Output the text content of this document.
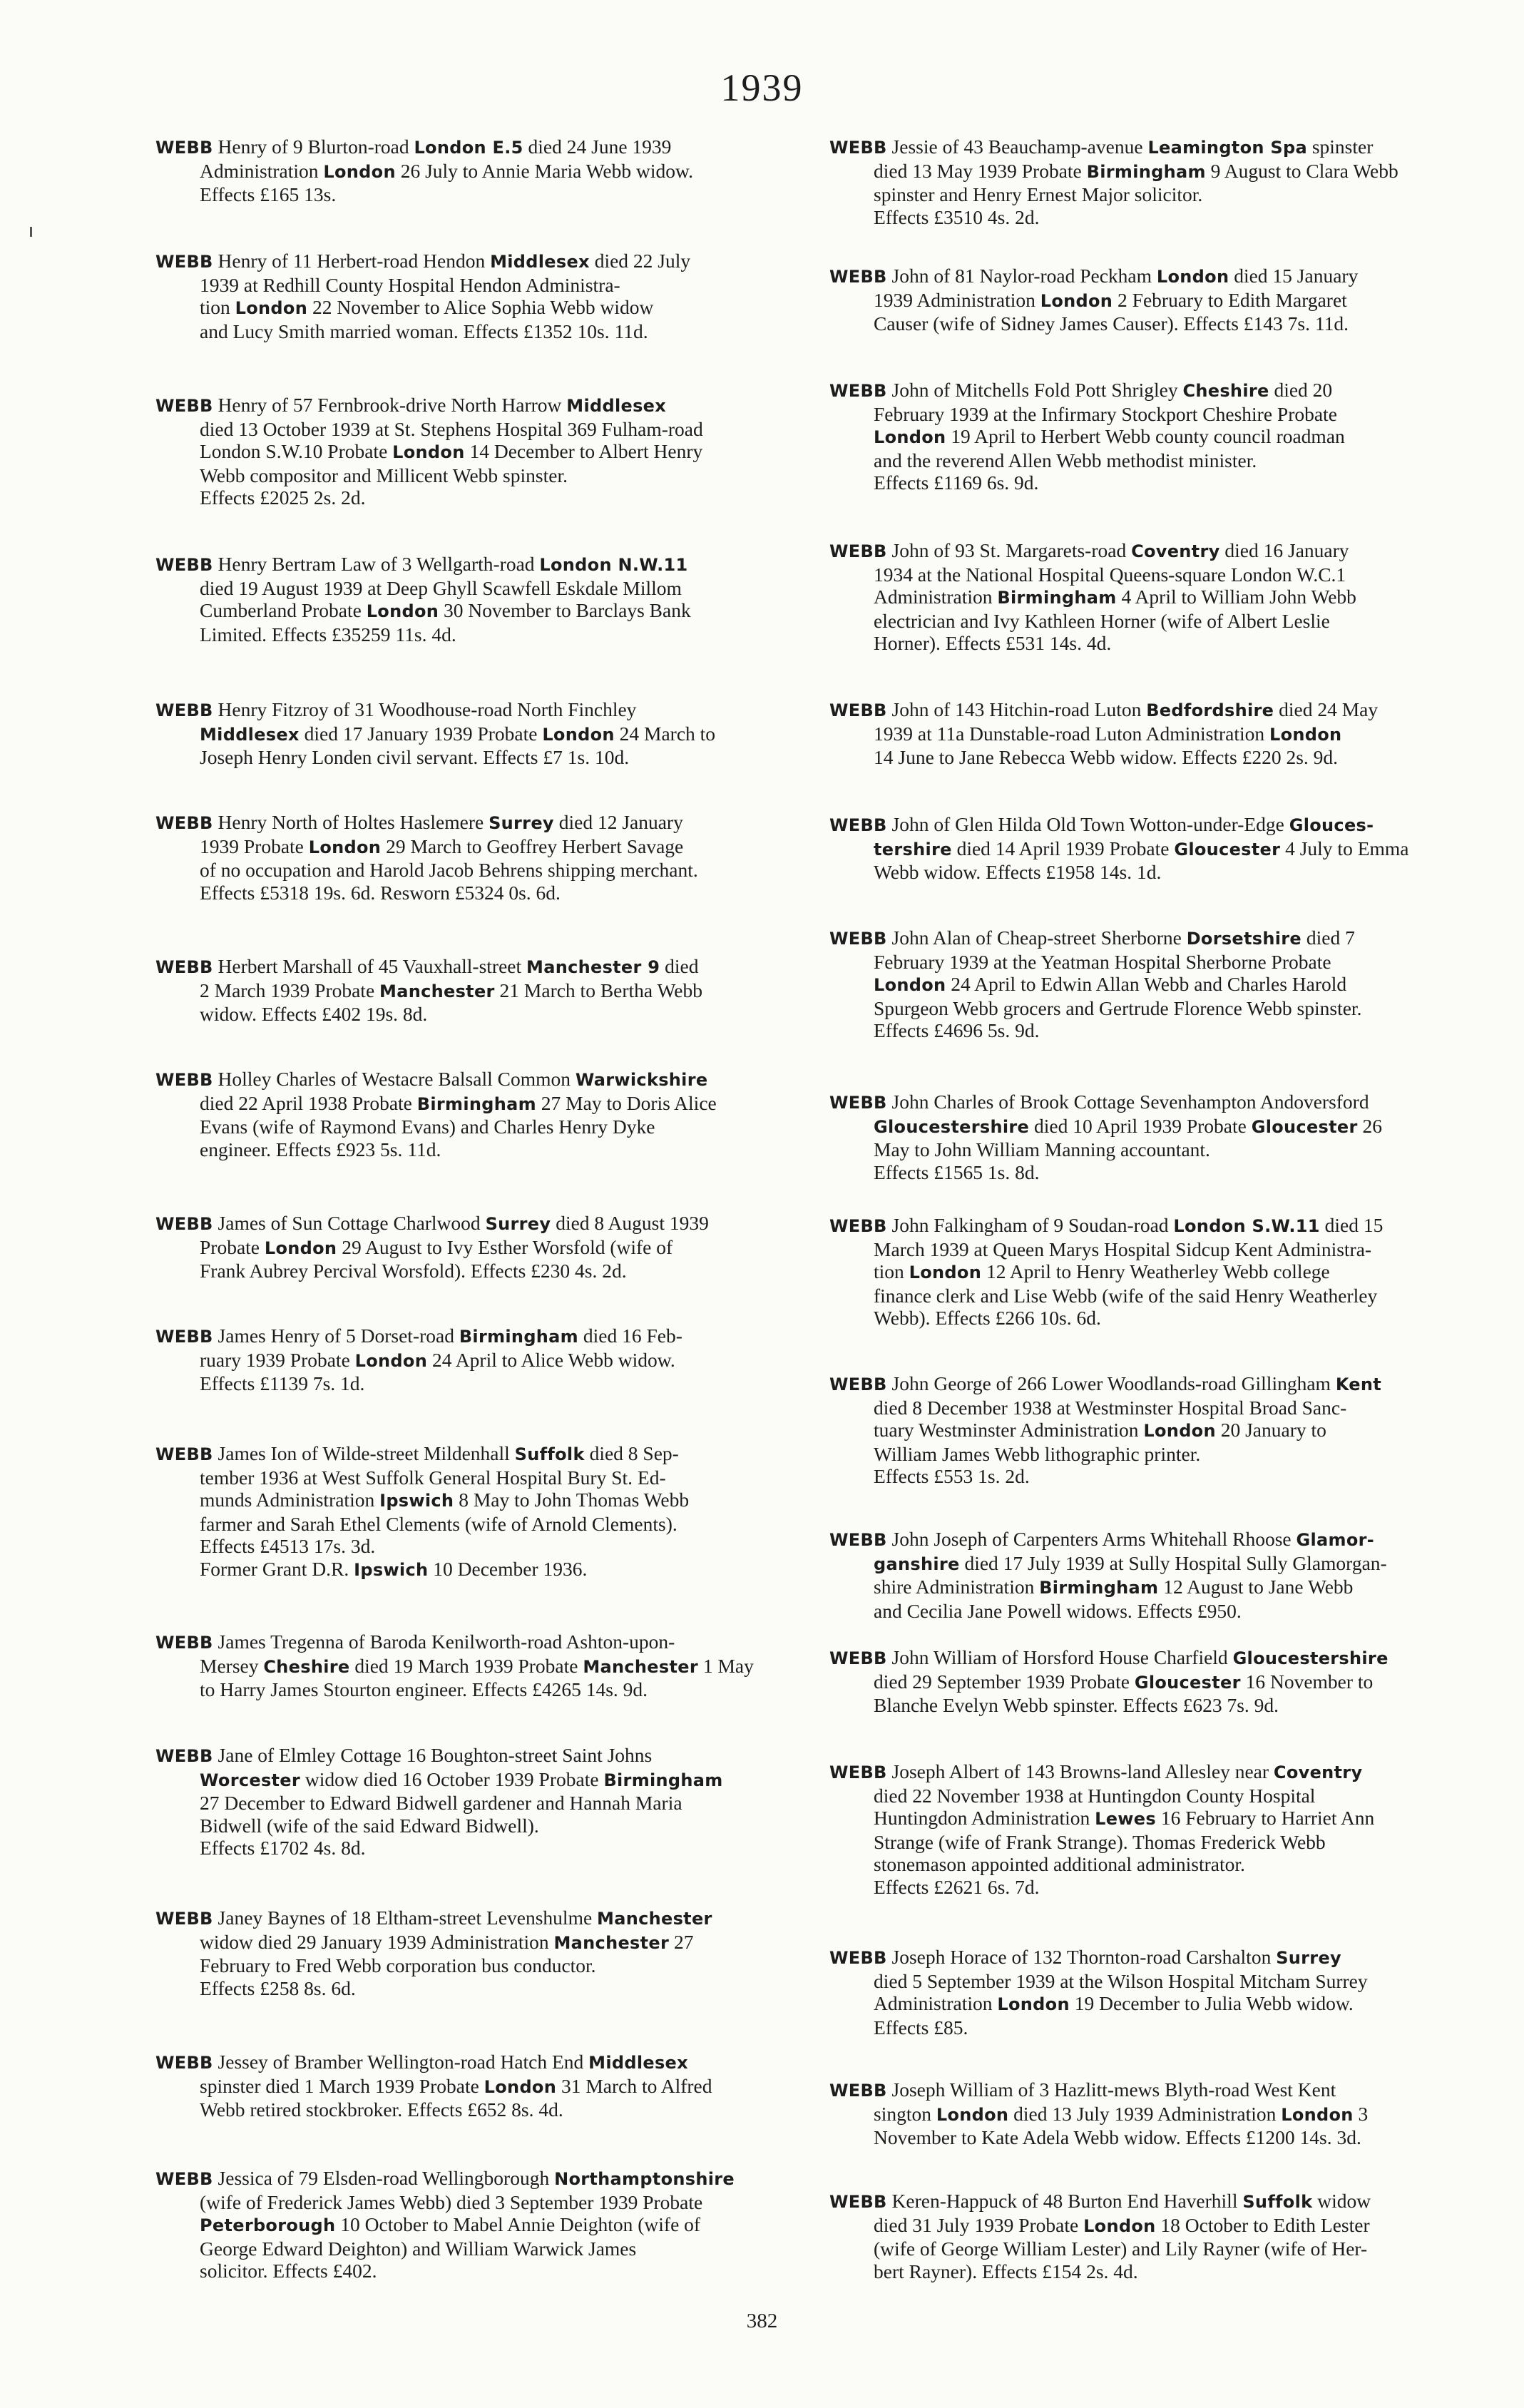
1939
WEBB Henry of 9 Blurton-road London E.5 died 24 June 1939
Administration London 26 July to Annie Maria Webb widow.
Effects £165 13s.
WEBB Henry of 11 Herbert-road Hendon Middlesex died 22 July
1939 at Redhill County Hospital Hendon Administra-
tion London 22 November to Alice Sophia Webb widow
and Lucy Smith married woman. Effects £1352 10s. 11d.
WEBB Henry of 57 Fernbrook-drive North Harrow Middlesex
died 13 October 1939 at St. Stephens Hospital 369 Fulham-road
London S.W.10 Probate London 14 December to Albert Henry
Webb compositor and Millicent Webb spinster.
Effects £2025 2s. 2d.
WEBB Henry Bertram Law of 3 Wellgarth-road London N.W.11
died 19 August 1939 at Deep Ghyll Scawfell Eskdale Millom
Cumberland Probate London 30 November to Barclays Bank
Limited. Effects £35259 11s. 4d.
WEBB Henry Fitzroy of 31 Woodhouse-road North Finchley
Middlesex died 17 January 1939 Probate London 24 March to
Joseph Henry Londen civil servant. Effects £7 1s. 10d.
WEBB Henry North of Holtes Haslemere Surrey died 12 January
1939 Probate London 29 March to Geoffrey Herbert Savage
of no occupation and Harold Jacob Behrens shipping merchant.
Effects £5318 19s. 6d. Resworn £5324 0s. 6d.
WEBB Herbert Marshall of 45 Vauxhall-street Manchester 9 died
2 March 1939 Probate Manchester 21 March to Bertha Webb
widow. Effects £402 19s. 8d.
WEBB Holley Charles of Westacre Balsall Common Warwickshire
died 22 April 1938 Probate Birmingham 27 May to Doris Alice
Evans (wife of Raymond Evans) and Charles Henry Dyke
engineer. Effects £923 5s. 11d.
WEBB James of Sun Cottage Charlwood Surrey died 8 August 1939
Probate London 29 August to Ivy Esther Worsfold (wife of
Frank Aubrey Percival Worsfold). Effects £230 4s. 2d.
WEBB James Henry of 5 Dorset-road Birmingham died 16 Feb-
ruary 1939 Probate London 24 April to Alice Webb widow.
Effects £1139 7s. 1d.
WEBB James Ion of Wilde-street Mildenhall Suffolk died 8 Sep-
tember 1936 at West Suffolk General Hospital Bury St. Ed-
munds Administration Ipswich 8 May to John Thomas Webb
farmer and Sarah Ethel Clements (wife of Arnold Clements).
Effects £4513 17s. 3d.
Former Grant D.R. Ipswich 10 December 1936.
WEBB James Tregenna of Baroda Kenilworth-road Ashton-upon-
Mersey Cheshire died 19 March 1939 Probate Manchester 1 May
to Harry James Stourton engineer. Effects £4265 14s. 9d.
WEBB Jane of Elmley Cottage 16 Boughton-street Saint Johns
Worcester widow died 16 October 1939 Probate Birmingham
27 December to Edward Bidwell gardener and Hannah Maria
Bidwell (wife of the said Edward Bidwell).
Effects £1702 4s. 8d.
WEBB Janey Baynes of 18 Eltham-street Levenshulme Manchester
widow died 29 January 1939 Administration Manchester 27
February to Fred Webb corporation bus conductor.
Effects £258 8s. 6d.
WEBB Jessey of Bramber Wellington-road Hatch End Middlesex
spinster died 1 March 1939 Probate London 31 March to Alfred
Webb retired stockbroker. Effects £652 8s. 4d.
WEBB Jessica of 79 Elsden-road Wellingborough Northamptonshire
(wife of Frederick James Webb) died 3 September 1939 Probate
Peterborough 10 October to Mabel Annie Deighton (wife of
George Edward Deighton) and William Warwick James
solicitor. Effects £402.
WEBB Jessie of 43 Beauchamp-avenue Leamington Spa spinster
died 13 May 1939 Probate Birmingham 9 August to Clara Webb
spinster and Henry Ernest Major solicitor.
Effects £3510 4s. 2d.
WEBB John of 81 Naylor-road Peckham London died 15 January
1939 Administration London 2 February to Edith Margaret
Causer (wife of Sidney James Causer). Effects £143 7s. 11d.
WEBB John of Mitchells Fold Pott Shrigley Cheshire died 20
February 1939 at the Infirmary Stockport Cheshire Probate
London 19 April to Herbert Webb county council roadman
and the reverend Allen Webb methodist minister.
Effects £1169 6s. 9d.
WEBB John of 93 St. Margarets-road Coventry died 16 January
1934 at the National Hospital Queens-square London W.C.1
Administration Birmingham 4 April to William John Webb
electrician and Ivy Kathleen Horner (wife of Albert Leslie
Horner). Effects £531 14s. 4d.
WEBB John of 143 Hitchin-road Luton Bedfordshire died 24 May
1939 at 11a Dunstable-road Luton Administration London
14 June to Jane Rebecca Webb widow. Effects £220 2s. 9d.
WEBB John of Glen Hilda Old Town Wotton-under-Edge Glouces-
tershire died 14 April 1939 Probate Gloucester 4 July to Emma
Webb widow. Effects £1958 14s. 1d.
WEBB John Alan of Cheap-street Sherborne Dorsetshire died 7
February 1939 at the Yeatman Hospital Sherborne Probate
London 24 April to Edwin Allan Webb and Charles Harold
Spurgeon Webb grocers and Gertrude Florence Webb spinster.
Effects £4696 5s. 9d.
WEBB John Charles of Brook Cottage Sevenhampton Andoversford
Gloucestershire died 10 April 1939 Probate Gloucester 26
May to John William Manning accountant.
Effects £1565 1s. 8d.
WEBB John Falkingham of 9 Soudan-road London S.W.11 died 15
March 1939 at Queen Marys Hospital Sidcup Kent Administra-
tion London 12 April to Henry Weatherley Webb college
finance clerk and Lise Webb (wife of the said Henry Weatherley
Webb). Effects £266 10s. 6d.
WEBB John George of 266 Lower Woodlands-road Gillingham Kent
died 8 December 1938 at Westminster Hospital Broad Sanc-
tuary Westminster Administration London 20 January to
William James Webb lithographic printer.
Effects £553 1s. 2d.
WEBB John Joseph of Carpenters Arms Whitehall Rhoose Glamor-
ganshire died 17 July 1939 at Sully Hospital Sully Glamorgan-
shire Administration Birmingham 12 August to Jane Webb
and Cecilia Jane Powell widows. Effects £950.
WEBB John William of Horsford House Charfield Gloucestershire
died 29 September 1939 Probate Gloucester 16 November to
Blanche Evelyn Webb spinster. Effects £623 7s. 9d.
WEBB Joseph Albert of 143 Browns-land Allesley near Coventry
died 22 November 1938 at Huntingdon County Hospital
Huntingdon Administration Lewes 16 February to Harriet Ann
Strange (wife of Frank Strange). Thomas Frederick Webb
stonemason appointed additional administrator.
Effects £2621 6s. 7d.
WEBB Joseph Horace of 132 Thornton-road Carshalton Surrey
died 5 September 1939 at the Wilson Hospital Mitcham Surrey
Administration London 19 December to Julia Webb widow.
Effects £85.
WEBB Joseph William of 3 Hazlitt-mews Blyth-road West Kent
sington London died 13 July 1939 Administration London 3
November to Kate Adela Webb widow. Effects £1200 14s. 3d.
WEBB Keren-Happuck of 48 Burton End Haverhill Suffolk widow
died 31 July 1939 Probate London 18 October to Edith Lester
(wife of George William Lester) and Lily Rayner (wife of Her-
bert Rayner). Effects £154 2s. 4d.
382
